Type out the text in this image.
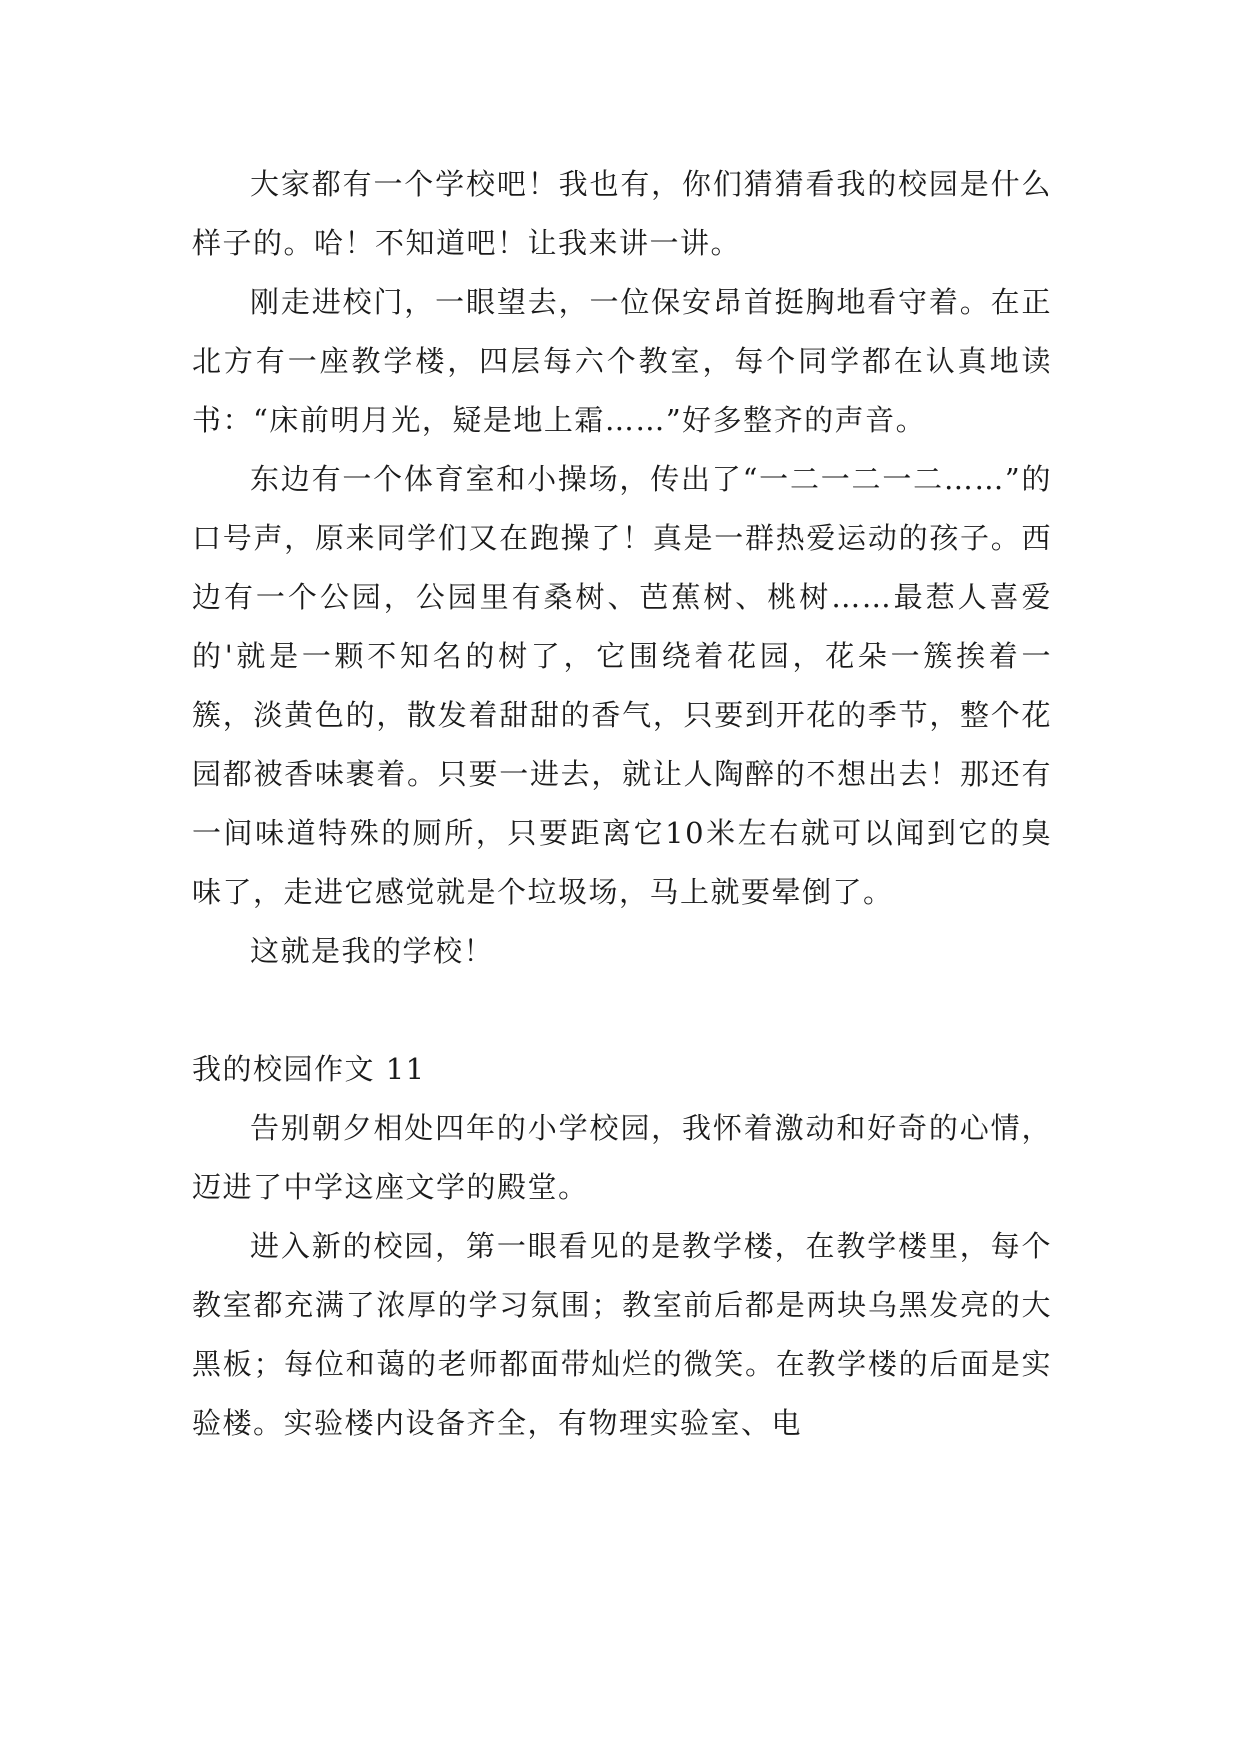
大家都有一个学校吧！我也有，你们猜猜看我的校园是什么样子的。哈！不知道吧！让我来讲一讲。

刚走进校门，一眼望去，一位保安昂首挺胸地看守着。在正北方有一座教学楼，四层每六个教室，每个同学都在认真地读书：“床前明月光，疑是地上霜……”好多整齐的声音。

东边有一个体育室和小操场，传出了“一二一二一二……”的口号声，原来同学们又在跑操了！真是一群热爱运动的孩子。西边有一个公园，公园里有桑树、芭蕉树、桃树……最惹人喜爱的'就是一颗不知名的树了，它围绕着花园，花朵一簇挨着一簇，淡黄色的，散发着甜甜的香气，只要到开花的季节，整个花园都被香味裹着。只要一进去，就让人陶醉的不想出去！那还有一间味道特殊的厕所，只要距离它10米左右就可以闻到它的臭味了，走进它感觉就是个垃圾场，马上就要晕倒了。

这就是我的学校！

我的校园作文 11

告别朝夕相处四年的小学校园，我怀着激动和好奇的心情，迈进了中学这座文学的殿堂。

进入新的校园，第一眼看见的是教学楼，在教学楼里，每个教室都充满了浓厚的学习氛围；教室前后都是两块乌黑发亮的大黑板；每位和蔼的老师都面带灿烂的微笑。在教学楼的后面是实验楼。实验楼内设备齐全，有物理实验室、电
